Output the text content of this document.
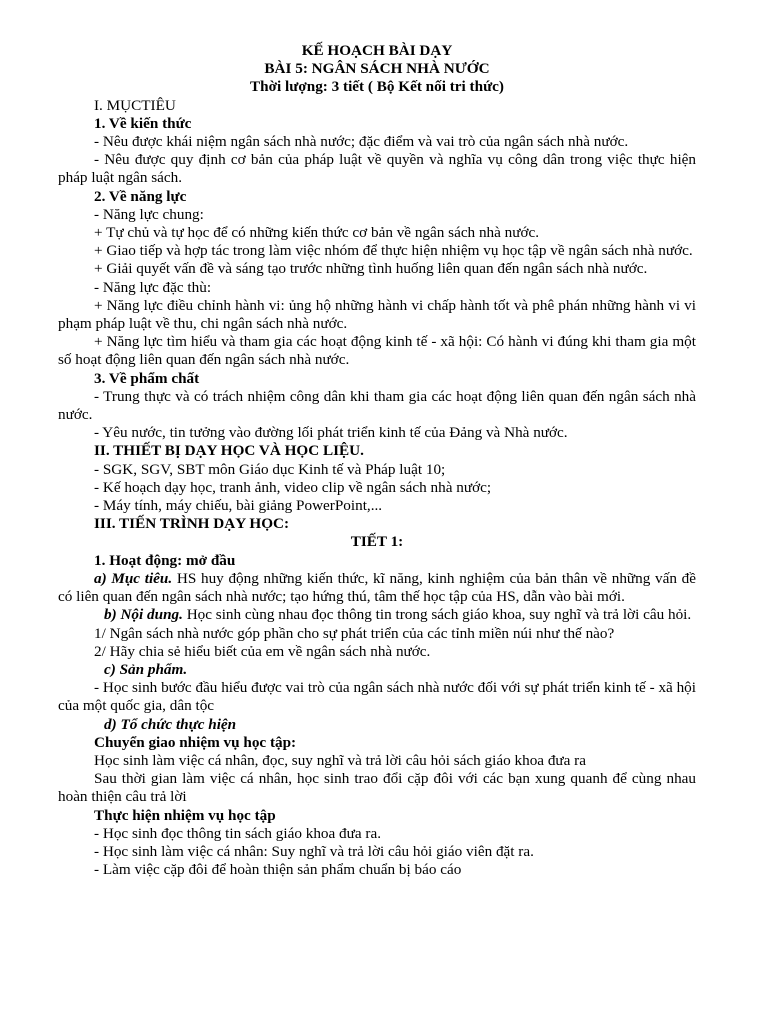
KẾ HOẠCH BÀI DẠY
BÀI 5: NGÂN SÁCH NHÀ NƯỚC
Thời lượng: 3 tiết ( Bộ Kết nối tri thức)
I. MỤCTIÊU
1. Về kiến thức
- Nêu được khái niệm ngân sách nhà nước; đặc điểm và vai trò của ngân sách nhà nước.
- Nêu được quy định cơ bản của pháp luật về quyền và nghĩa vụ công dân trong việc thực hiện pháp luật ngân sách.
2. Về năng lực
- Năng lực chung:
+ Tự chủ và tự học để có những kiến thức cơ bản về ngân sách nhà nước.
+ Giao tiếp và hợp tác trong làm việc nhóm để thực hiện nhiệm vụ học tập về ngân sách nhà nước.
+ Giải quyết vấn đề và sáng tạo trước những tình huống liên quan đến ngân sách nhà nước.
- Năng lực đặc thù:
+ Năng lực điều chỉnh hành vi: ủng hộ những hành vi chấp hành tốt và phê phán những hành vi vi phạm pháp luật về thu, chi ngân sách nhà nước.
+ Năng lực tìm hiểu và tham gia các hoạt động kinh tế - xã hội: Có hành vi đúng khi tham gia một số hoạt động liên quan đến ngân sách nhà nước.
3. Về phẩm chất
- Trung thực và có trách nhiệm công dân khi tham gia các hoạt động liên quan đến ngân sách nhà nước.
- Yêu nước, tin tưởng vào đường lối phát triển kinh tế của Đảng và Nhà nước.
II. THIẾT BỊ DẠY HỌC VÀ HỌC LIỆU.
- SGK, SGV, SBT môn Giáo dục Kinh tế và Pháp luật 10;
- Kế hoạch dạy học, tranh ảnh, video clip về ngân sách nhà nước;
- Máy tính, máy chiếu, bài giảng PowerPoint,...
III. TIẾN TRÌNH DẠY HỌC:
TIẾT 1:
1. Hoạt động: mở đầu
a) Mục tiêu. HS huy động những kiến thức, kĩ năng, kinh nghiệm của bản thân về những vấn đề có liên quan đến ngân sách nhà nước; tạo hứng thú, tâm thế học tập của HS, dẫn vào bài mới.
b) Nội dung. Học sinh cùng nhau đọc thông tin trong sách giáo khoa, suy nghĩ và trả lời câu hỏi.
1/ Ngân sách nhà nước góp phần cho sự phát triển của các tỉnh miền núi như thế nào?
2/ Hãy chia sẻ hiểu biết của em về ngân sách nhà nước.
c) Sản phẩm.
- Học sinh bước đầu hiểu được vai trò của ngân sách nhà nước đối với sự phát triển kinh tế - xã hội của một quốc gia, dân tộc
d) Tổ chức thực hiện
Chuyển giao nhiệm vụ học tập:
Học sinh làm việc cá nhân, đọc, suy nghĩ và trả lời câu hỏi sách giáo khoa đưa ra
Sau thời gian làm việc cá nhân, học sinh trao đổi cặp đôi với các bạn xung quanh để cùng nhau hoàn thiện câu trả lời
Thực hiện nhiệm vụ học tập
- Học sinh đọc thông tin sách giáo khoa đưa ra.
- Học sinh làm việc cá nhân: Suy nghĩ và trả lời câu hỏi giáo viên đặt ra.
- Làm việc cặp đôi để hoàn thiện sản phẩm chuẩn bị báo cáo
